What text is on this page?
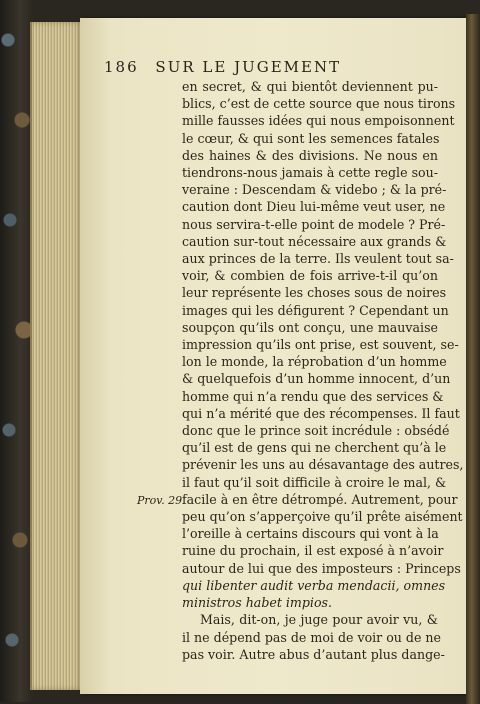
186 SUR LE JUGEMENT
Prov. 29.
en secret, & qui bientôt deviennent pu-
blics, c’est de cette source que nous tirons
mille fausses idées qui nous empoisonnent
le cœur, & qui sont les semences fatales
des haines & des divisions. Ne nous en
tiendrons-nous jamais à cette regle sou-
veraine : Descendam & videbo ; & la pré-
caution dont Dieu lui-même veut user, ne
nous servira-t-elle point de modele ? Pré-
caution sur-tout nécessaire aux grands &
aux princes de la terre. Ils veulent tout sa-
voir, & combien de fois arrive-t-il qu’on
leur représente les choses sous de noires
images qui les défigurent ? Cependant un
soupçon qu’ils ont conçu, une mauvaise
impression qu’ils ont prise, est souvent, se-
lon le monde, la réprobation d’un homme
& quelquefois d’un homme innocent, d’un
homme qui n’a rendu que des services &
qui n’a mérité que des récompenses. Il faut
donc que le prince soit incrédule : obsédé
qu’il est de gens qui ne cherchent qu’à le
prévenir les uns au désavantage des autres,
il faut qu’il soit difficile à croire le mal, &
facile à en être détrompé. Autrement, pour
peu qu’on s’apperçoive qu’il prête aisément
l’oreille à certains discours qui vont à la
ruine du prochain, il est exposé à n’avoir
autour de lui que des imposteurs : Princeps
qui libenter audit verba mendacii, omnes
ministros habet impios.
Mais, dit-on, je juge pour avoir vu, &
il ne dépend pas de moi de voir ou de ne
pas voir. Autre abus d’autant plus dange-
